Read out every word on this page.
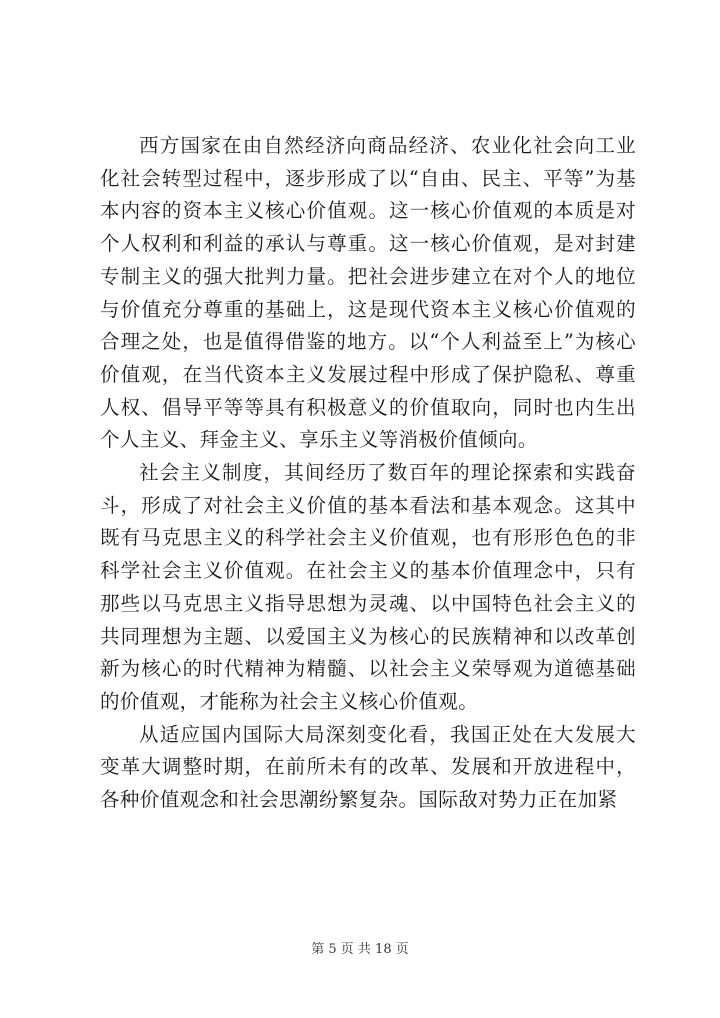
西方国家在由自然经济向商品经济、农业化社会向工业化社会转型过程中，逐步形成了以“自由、民主、平等”为基本内容的资本主义核心价值观。这一核心价值观的本质是对个人权利和利益的承认与尊重。这一核心价值观，是对封建专制主义的强大批判力量。把社会进步建立在对个人的地位与价值充分尊重的基础上，这是现代资本主义核心价值观的合理之处，也是值得借鉴的地方。以“个人利益至上”为核心价值观，在当代资本主义发展过程中形成了保护隐私、尊重人权、倡导平等等具有积极意义的价值取向，同时也内生出个人主义、拜金主义、享乐主义等消极价值倾向。

社会主义制度，其间经历了数百年的理论探索和实践奋斗，形成了对社会主义价值的基本看法和基本观念。这其中既有马克思主义的科学社会主义价值观，也有形形色色的非科学社会主义价值观。在社会主义的基本价值理念中，只有那些以马克思主义指导思想为灵魂、以中国特色社会主义的共同理想为主题、以爱国主义为核心的民族精神和以改革创新为核心的时代精神为精髓、以社会主义荣辱观为道德基础的价值观，才能称为社会主义核心价值观。

从适应国内国际大局深刻变化看，我国正处在大发展大变革大调整时期，在前所未有的改革、发展和开放进程中，各种价值观念和社会思潮纷繁复杂。国际敌对势力正在加紧

第 5 页 共 18 页
